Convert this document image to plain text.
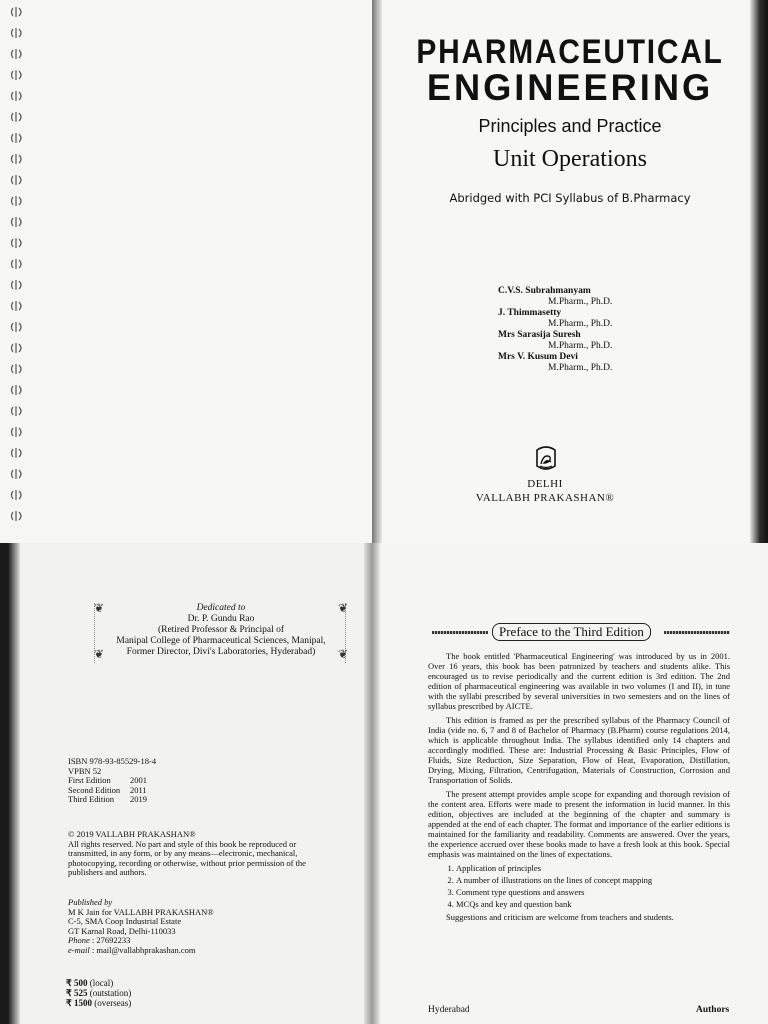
PHARMACEUTICAL
ENGINEERING
Principles and Practice
Unit Operations
Abridged with PCI Syllabus of B.Pharmacy
C.V.S. Subrahmanyam
M.Pharm., Ph.D.
J. Thimmasetty
M.Pharm., Ph.D.
Mrs Sarasija Suresh
M.Pharm., Ph.D.
Mrs V. Kusum Devi
M.Pharm., Ph.D.
DELHI
VALLABH PRAKASHAN®
❦	❦
❦	❦
Dedicated to
Dr. P. Gundu Rao
(Retired Professor & Principal of
Manipal College of Pharmaceutical Sciences, Manipal,
Former Director, Divi's Laboratories, Hyderabad)
ISBN 978-93-85529-18-4
VPBN 52
First Edition	2001
Second Edition	2011
Third Edition	2019
© 2019 VALLABH PRAKASHAN®
All rights reserved. No part and style of this book be reproduced or transmitted, in any form, or by any means—electronic, mechanical, photocopying, recording or otherwise, without prior permission of the publishers and authors.
Published by
M K Jain for VALLABH PRAKASHAN®
C-5, SMA Coop Industrial Estate
GT Karnal Road, Delhi-110033
Phone : 27692233
e-mail : mail@vallabhprakashan.com
₹ 500 (local)
₹ 525 (outstation)
₹ 1500 (overseas)
Preface to the Third Edition

The book entitled 'Pharmaceutical Engineering' was introduced by us in 2001. Over 16 years, this book has been patronized by teachers and students alike. This encouraged us to revise periodically and the current edition is 3rd edition. The 2nd edition of pharmaceutical engineering was available in two volumes (I and II), in tune with the syllabi prescribed by several universities in two semesters and on the lines of syllabus prescribed by AICTE.

This edition is framed as per the prescribed syllabus of the Pharmacy Council of India (vide no. 6, 7 and 8 of Bachelor of Pharmacy (B.Pharm) course regulations 2014, which is applicable throughout India. The syllabus identified only 14 chapters and accordingly modified. These are: Industrial Processing & Basic Principles, Flow of Fluids, Size Reduction, Size Separation, Flow of Heat, Evaporation, Distillation, Drying, Mixing, Filtration, Centrifugation, Materials of Construction, Corrosion and Transportation of Solids.

The present attempt provides ample scope for expanding and thorough revision of the content area. Efforts were made to present the information in lucid manner. In this edition, objectives are included at the beginning of the chapter and summary is appended at the end of each chapter. The format and importance of the earlier editions is maintained for the familiarity and readability. Comments are answered. Over the years, the experience accrued over these books made to have a fresh look at this book. Special emphasis was maintained on the lines of expectations.

1. Application of principles
2. A number of illustrations on the lines of concept mapping
3. Comment type questions and answers
4. MCQs and key and question bank

Suggestions and criticism are welcome from teachers and students.

Hyderabad	Authors
